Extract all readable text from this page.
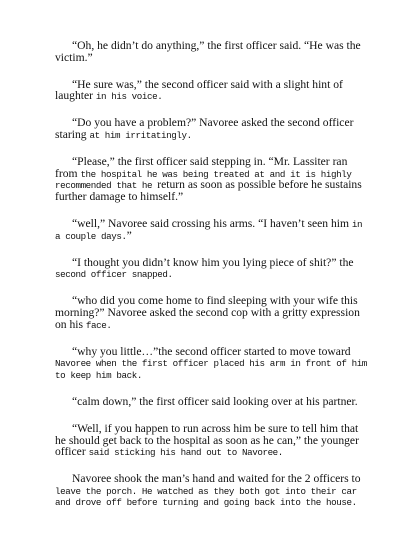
“Oh, he didn’t do anything,” the first officer said. “He was the victim.”

“He sure was,” the second officer said with a slight hint of laughter in his voice.

“Do you have a problem?” Navoree asked the second officer staring at him irritatingly.

“Please,” the first officer said stepping in. “Mr. Lassiter ran from the hospital he was being treated at and it is highly recommended that he return as soon as possible before he sustains further damage to himself.”

“well,” Navoree said crossing his arms. “I haven’t seen him in a couple days.”

“I thought you didn’t know him you lying piece of shit?” the second officer snapped.

“who did you come home to find sleeping with your wife this morning?” Navoree asked the second cop with a gritty expression on his face.

“why you little…”the second officer started to move toward Navoree when the first officer placed his arm in front of him to keep him back.

“calm down,” the first officer said looking over at his partner.

“Well, if you happen to run across him be sure to tell him that he should get back to the hospital as soon as he can,” the younger officer said sticking his hand out to Navoree.

Navoree shook the man’s hand and waited for the 2 officers to leave the porch. He watched as they both got into their car and drove off before turning and going back into the house.
